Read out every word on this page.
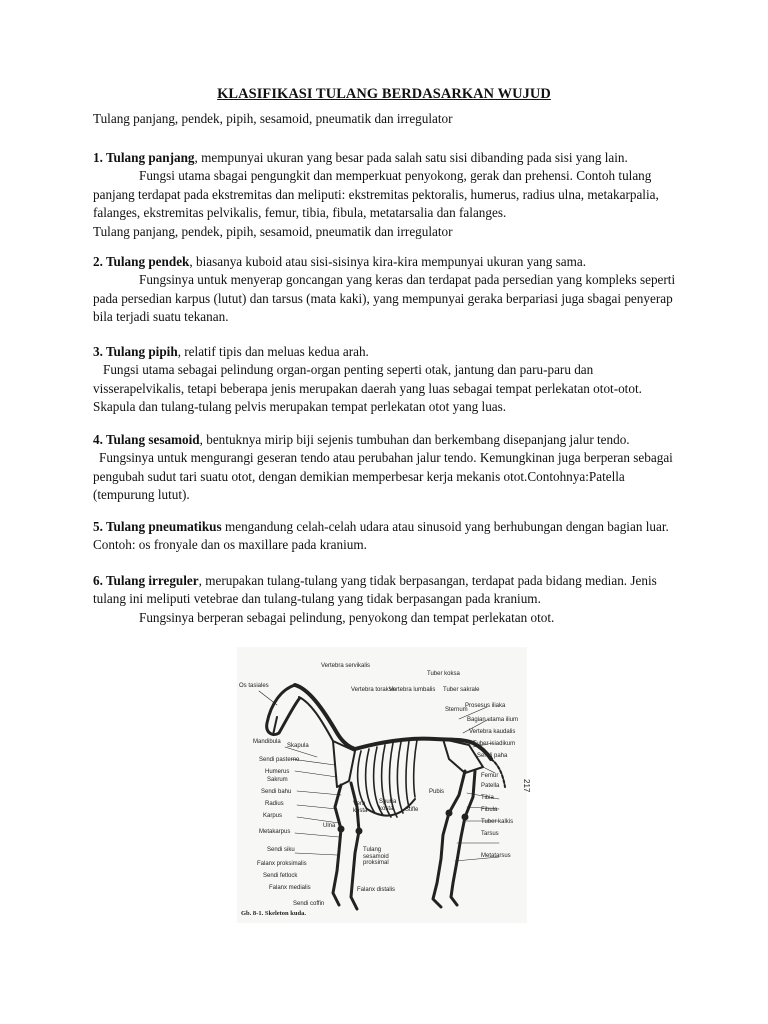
KLASIFIKASI TULANG BERDASARKAN WUJUD

Tulang panjang, pendek, pipih, sesamoid, pneumatik dan irregulator

1. Tulang panjang, mempunyai ukuran yang besar pada salah satu sisi dibanding pada sisi yang lain.

Fungsi utama sbagai pengungkit dan memperkuat penyokong, gerak dan prehensi. Contoh tulang panjang terdapat pada ekstremitas dan meliputi: ekstremitas pektoralis, humerus, radius ulna, metakarpalia, falanges, ekstremitas pelvikalis, femur, tibia, fibula, metatarsalia dan falanges.

Tulang panjang, pendek, pipih, sesamoid, pneumatik dan irregulator

2. Tulang pendek, biasanya kuboid atau sisi-sisinya kira-kira mempunyai ukuran yang sama.

Fungsinya untuk menyerap goncangan yang keras dan terdapat pada persedian yang kompleks seperti pada persedian karpus (lutut) dan tarsus (mata kaki), yang mempunyai geraka berpariasi juga sbagai penyerap bila terjadi suatu tekanan.

3. Tulang pipih, relatif tipis dan meluas kedua arah.

Fungsi utama sebagai pelindung organ-organ penting seperti otak, jantung dan paru-paru dan visserapelvikalis, tetapi beberapa jenis merupakan daerah yang luas sebagai tempat perlekatan otot-otot. Skapula dan tulang-tulang pelvis merupakan tempat perlekatan otot yang luas.

4. Tulang sesamoid, bentuknya mirip biji sejenis tumbuhan dan berkembang disepanjang jalur tendo.

Fungsinya untuk mengurangi geseran tendo atau perubahan jalur tendo. Kemungkinan juga berperan sebagai pengubah sudut tari suatu otot, dengan demikian memperbesar kerja mekanis otot.Contohnya:Patella (tempurung lutut).

5. Tulang pneumatikus mengandung celah-celah udara atau sinusoid yang berhubungan dengan bagian luar. Contoh: os fronyale dan os maxillare pada kranium.

6. Tulang irreguler, merupakan tulang-tulang yang tidak berpasangan, terdapat pada bidang median. Jenis tulang ini meliputi vetebrae dan tulang-tulang yang tidak berpasangan pada kranium.

Fungsinya berperan sebagai pelindung, penyokong dan tempat perlekatan otot.

Os tasiales
Mandibula
Skapula
Sendi pasterno
Humerus
Sakrum
Sendi bahu
Radius
Karpus
Metakarpus
Sendi siku
Falanx proksimalis
Sendi fetlock
Falanx medialis
Sendi coffin
Vertebra servikalis
Vertebra toraksis
Vertebra lumbalis
Tuber koksa
Tuber sakrale
Prosesus iliaka
Sternum
Bagian utama ilium
Vertebra kaudalis
Tuber isiadikum
Sendi paha
Femur
Patella
Tibia
Fibula
Tuber kalkis
Tarsus
Metatarsus
Pubis
Vera kosta
Spuria kosta	Stifle
Ulna
Tulang sesamoid proksimal
Falanx distalis
217
Gb. 8-1. Skeleton kuda.
